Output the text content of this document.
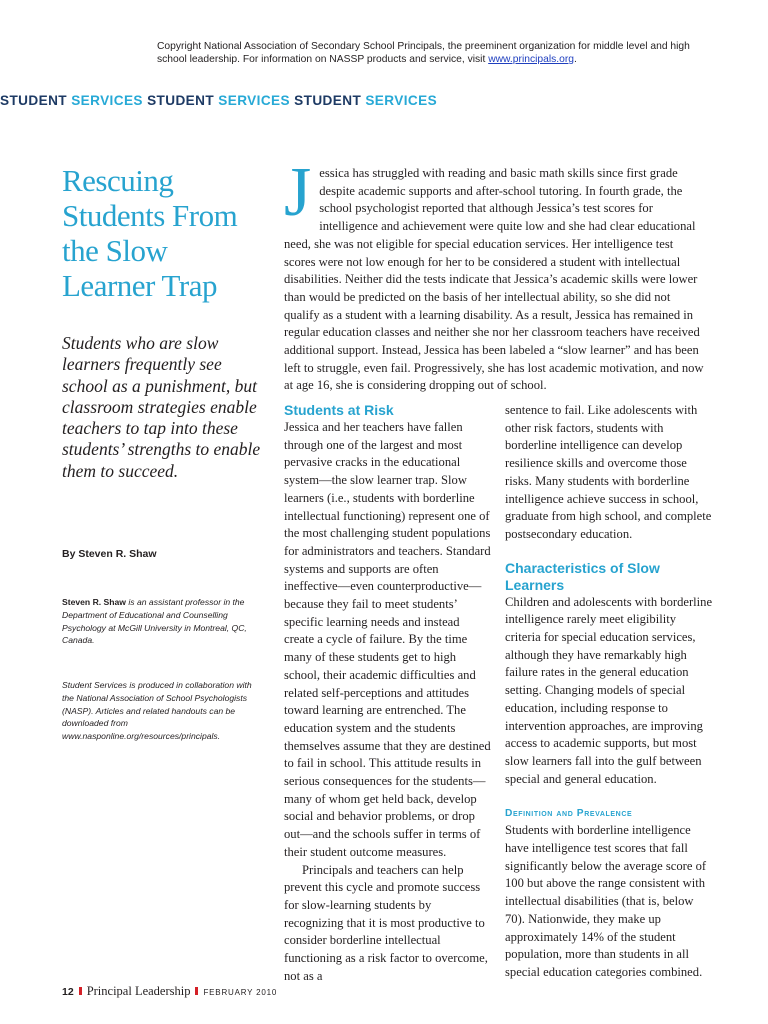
Copyright National Association of Secondary School Principals, the preeminent organization for middle level and high school leadership. For information on NASSP products and service, visit www.principals.org.
STUDENT SERVICES STUDENT SERVICES STUDENT SERVICES
Rescuing Students From the Slow Learner Trap

Students who are slow learners frequently see school as a punishment, but classroom strategies enable teachers to tap into these students’ strengths to enable them to succeed.

By Steven R. Shaw

Steven R. Shaw is an assistant professor in the Department of Educational and Counselling Psychology at McGill University in Montreal, QC, Canada.

Student Services is produced in collaboration with the National Association of School Psychologists (NASP). Articles and related handouts can be downloaded from www.nasponline.org/resources/principals.

J essica has struggled with reading and basic math skills since first grade despite academic supports and after-school tutoring. In fourth grade, the school psychologist reported that although Jessica’s test scores for intelligence and achievement were quite low and she had clear educational need, she was not eligible for special education services. Her intelligence test scores were not low enough for her to be considered a student with intellectual disabilities. Neither did the tests indicate that Jessica’s academic skills were lower than would be predicted on the basis of her intellectual ability, so she did not qualify as a student with a learning disability. As a result, Jessica has remained in regular education classes and neither she nor her classroom teachers have received additional support. Instead, Jessica has been labeled a “slow learner” and has been left to struggle, even fail. Progressively, she has lost academic motivation, and now at age 16, she is considering dropping out of school.

Students at Risk

Jessica and her teachers have fallen through one of the largest and most pervasive cracks in the educational system—the slow learner trap. Slow learners (i.e., students with borderline intellectual functioning) represent one of the most challenging student populations for administrators and teachers. Standard systems and supports are often ineffective—even counterproductive—because they fail to meet students’ specific learning needs and instead create a cycle of failure. By the time many of these students get to high school, their academic difficulties and related self-perceptions and attitudes toward learning are entrenched. The education system and the students themselves assume that they are destined to fail in school. This attitude results in serious consequences for the students—many of whom get held back, develop social and behavior problems, or drop out—and the schools suffer in terms of their student outcome measures.

Principals and teachers can help prevent this cycle and promote success for slow-learning students by recognizing that it is most productive to consider borderline intellectual functioning as a risk factor to overcome, not as a

sentence to fail. Like adolescents with other risk factors, students with borderline intelligence can develop resilience skills and overcome those risks. Many students with borderline intelligence achieve success in school, graduate from high school, and complete postsecondary education.

Characteristics of Slow Learners

Children and adolescents with borderline intelligence rarely meet eligibility criteria for special education services, although they have remarkably high failure rates in the general education setting. Changing models of special education, including response to intervention approaches, are improving access to academic supports, but most slow learners fall into the gulf between special and general education.

Definition and Prevalence

Students with borderline intelligence have intelligence test scores that fall significantly below the average score of 100 but above the range consistent with intellectual disabilities (that is, below 70). Nationwide, they make up approximately 14% of the student population, more than students in all special education categories combined.

12 Principal Leadership FEBRUARY 2010
